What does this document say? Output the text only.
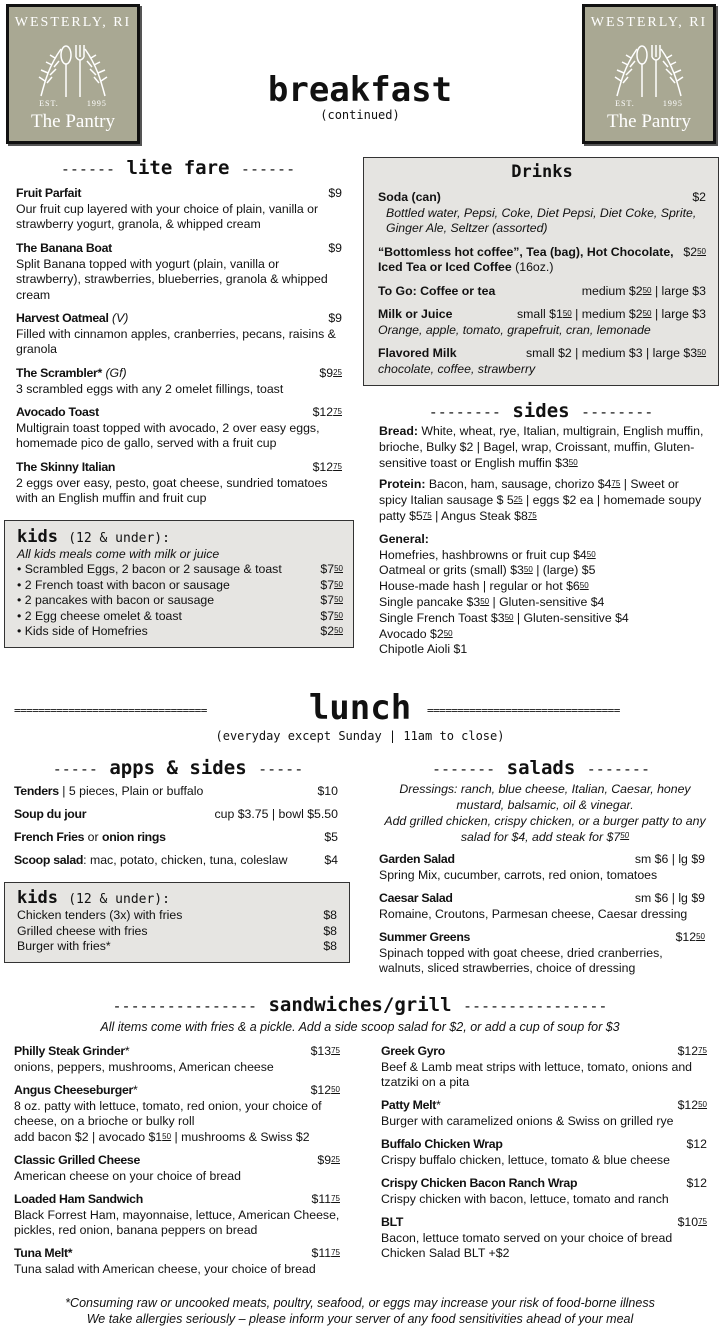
WESTERLY, RI
EST.	1995
The Pantry
WESTERLY, RI
EST.	1995
The Pantry
breakfast
(continued)
------ lite fare ------
Fruit Parfait	$9
Our fruit cup layered with your choice of plain, vanilla or strawberry yogurt, granola, & whipped cream
The Banana Boat	$9
Split Banana topped with yogurt (plain, vanilla or strawberry), strawberries, blueberries, granola & whipped cream
Harvest Oatmeal (V)	$9
Filled with cinnamon apples, cranberries, pecans, raisins & granola
The Scrambler* (Gf)	$\$9^{25}$
3 scrambled eggs with any 2 omelet fillings, toast
Avocado Toast	$\$12^{75}$
Multigrain toast topped with avocado, 2 over easy eggs, homemade pico de gallo, served with a fruit cup
The Skinny Italian	$\$12^{75}$
2 eggs over easy, pesto, goat cheese, sundried tomatoes with an English muffin and fruit cup
kids (12 & under):
All kids meals come with milk or juice
• Scrambled Eggs, 2 bacon or 2 sausage & toast	$\$7^{50}$
• 2 French toast with bacon or sausage	$\$7^{50}$
• 2 pancakes with bacon or sausage	$\$7^{50}$
• 2 Egg cheese omelet & toast	$\$7^{50}$
• Kids side of Homefries	$\$2^{50}$
Drinks
Soda (can)	$2
Bottled water, Pepsi, Coke, Diet Pepsi, Diet Coke, Sprite, Ginger Ale, Seltzer (assorted)
“Bottomless hot coffee”, Tea (bag), Hot Chocolate, $\$2^{50}$
Iced Tea or Iced Coffee (16oz.)
To Go: Coffee or tea	medium $\$2^{50}$ | large $3
Milk or Juice	small $\$1^{50}$ | medium $\$2^{50}$ | large $3
Orange, apple, tomato, grapefruit, cran, lemonade
Flavored Milk	small $2 | medium $3 | large $\$3^{50}$
chocolate, coffee, strawberry
-------- sides --------
Bread: White, wheat, rye, Italian, multigrain, English muffin, brioche, Bulky $2 | Bagel, wrap, Croissant, muffin, Gluten-sensitive toast or English muffin $\$3^{50}$
Protein: Bacon, ham, sausage, chorizo $\$4^{75}$ | Sweet or spicy Italian sausage $ $5^{25}$ | eggs $2 ea | homemade soupy patty $\$5^{75}$ | Angus Steak $\$8^{75}$
General:
Homefries, hashbrowns or fruit cup $\$4^{50}$
Oatmeal or grits (small) $\$3^{50}$ | (large) $5
House-made hash | regular or hot $\$6^{50}$
Single pancake $\$3^{50}$ | Gluten-sensitive $4
Single French Toast $\$3^{50}$ | Gluten-sensitive $4
Avocado $\$2^{50}$
Chipotle Aioli $1
================================	lunch	================================
(everyday except Sunday | 11am to close)
----- apps & sides -----
Tenders | 5 pieces, Plain or buffalo	$10
Soup du jour	cup $3.75 | bowl $5.50
French Fries or onion rings	$5
Scoop salad: mac, potato, chicken, tuna, coleslaw	$4
kids (12 & under):
Chicken tenders (3x) with fries	$8
Grilled cheese with fries	$8
Burger with fries*	$8
------- salads -------
Dressings: ranch, blue cheese, Italian, Caesar, honey mustard, balsamic, oil & vinegar.
Add grilled chicken, crispy chicken, or a burger patty to any salad for $4, add steak for $\$7^{50}$
Garden Salad	sm $6 | lg $9
Spring Mix, cucumber, carrots, red onion, tomatoes
Caesar Salad	sm $6 | lg $9
Romaine, Croutons, Parmesan cheese, Caesar dressing
Summer Greens	$\$12^{50}$
Spinach topped with goat cheese, dried cranberries, walnuts, sliced strawberries, choice of dressing
---------------- sandwiches/grill ----------------
All items come with fries & a pickle. Add a side scoop salad for $2, or add a cup of soup for $3
Philly Steak Grinder*	$\$13^{75}$
onions, peppers, mushrooms, American cheese
Angus Cheeseburger*	$\$12^{50}$
8 oz. patty with lettuce, tomato, red onion, your choice of cheese, on a brioche or bulky roll
add bacon $2 | avocado $\$1^{50}$ | mushrooms & Swiss $2
Classic Grilled Cheese	$\$9^{25}$
American cheese on your choice of bread
Loaded Ham Sandwich	$\$11^{75}$
Black Forrest Ham, mayonnaise, lettuce, American Cheese, pickles, red onion, banana peppers on bread
Tuna Melt*	$\$11^{75}$
Tuna salad with American cheese, your choice of bread
Greek Gyro	$\$12^{75}$
Beef & Lamb meat strips with lettuce, tomato, onions and tzatziki on a pita
Patty Melt*	$\$12^{50}$
Burger with caramelized onions & Swiss on grilled rye
Buffalo Chicken Wrap	$12
Crispy buffalo chicken, lettuce, tomato & blue cheese
Crispy Chicken Bacon Ranch Wrap	$12
Crispy chicken with bacon, lettuce, tomato and ranch
BLT	$\$10^{75}$
Bacon, lettuce tomato served on your choice of bread
Chicken Salad BLT +$2
*Consuming raw or uncooked meats, poultry, seafood, or eggs may increase your risk of food-borne illness
We take allergies seriously – please inform your server of any food sensitivities ahead of your meal
